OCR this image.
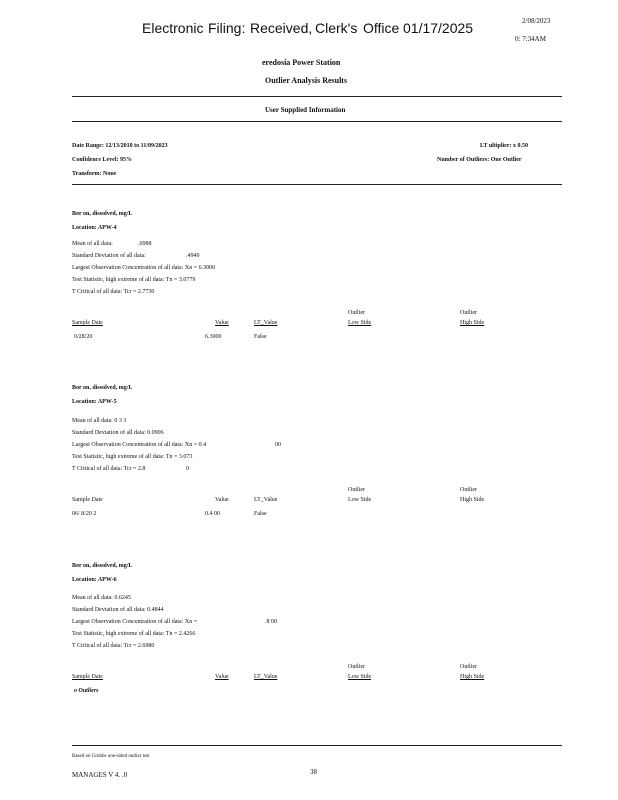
Electronic Filing: Received, Clerk's Office 01/17/2025	2/08/2023
0: 7:34AM
eredosia Power Station
Outlier Analysis Results
User Supplied Information
Date Range: 12/13/2010 to 11/09/2023
Confidence Level: 95%
Transform: None
LT ultiplier: x 0.50
Number of Outliers: One Outlier
Bor on, dissolved, mg/L
Location: APW-4
Mean of all data:	.6988
Standard Deviation of all data:	.4949
Largest Observation Concentration of all data: Xn = 6.3000
Test Statistic, high extreme of all data: Tn = 3.0779
T Critical of all data: Tcr = 2.7730
Outlier	Outlier
Sample Date	Value	LT_Value	Low Side	High Side
0/28/20	6.3000	False
Bor on, dissolved, mg/L
Location: APW-5
Mean of all data: 0 3 3
Standard Deviation of all data: 0.0906
Largest Observation Concentration of all data: Xn = 0.4	00
Test Statistic, high extreme of all data: Tn = 3.073
T Critical of all data: Tcr = 2.8	0
Outlier	Outlier
Sample Date	Value	LT_Value	Low Side	High Side
06/ 8/20 2	0.4 00	False
Bor on, dissolved, mg/L
Location: APW-6
Mean of all data: 0.6245
Standard Deviation of all data: 0.4844
Largest Observation Concentration of all data: Xn =	.8 00
Test Statistic, high extreme of all data: Tn = 2.4266
T Critical of all data: Tcr = 2.6980
Outlier	Outlier
Sample Date	Value	LT_Value	Low Side	High Side
o Outliers
Based on Grubbs one-sided outlier test
MANAGES V 4. .0	38
